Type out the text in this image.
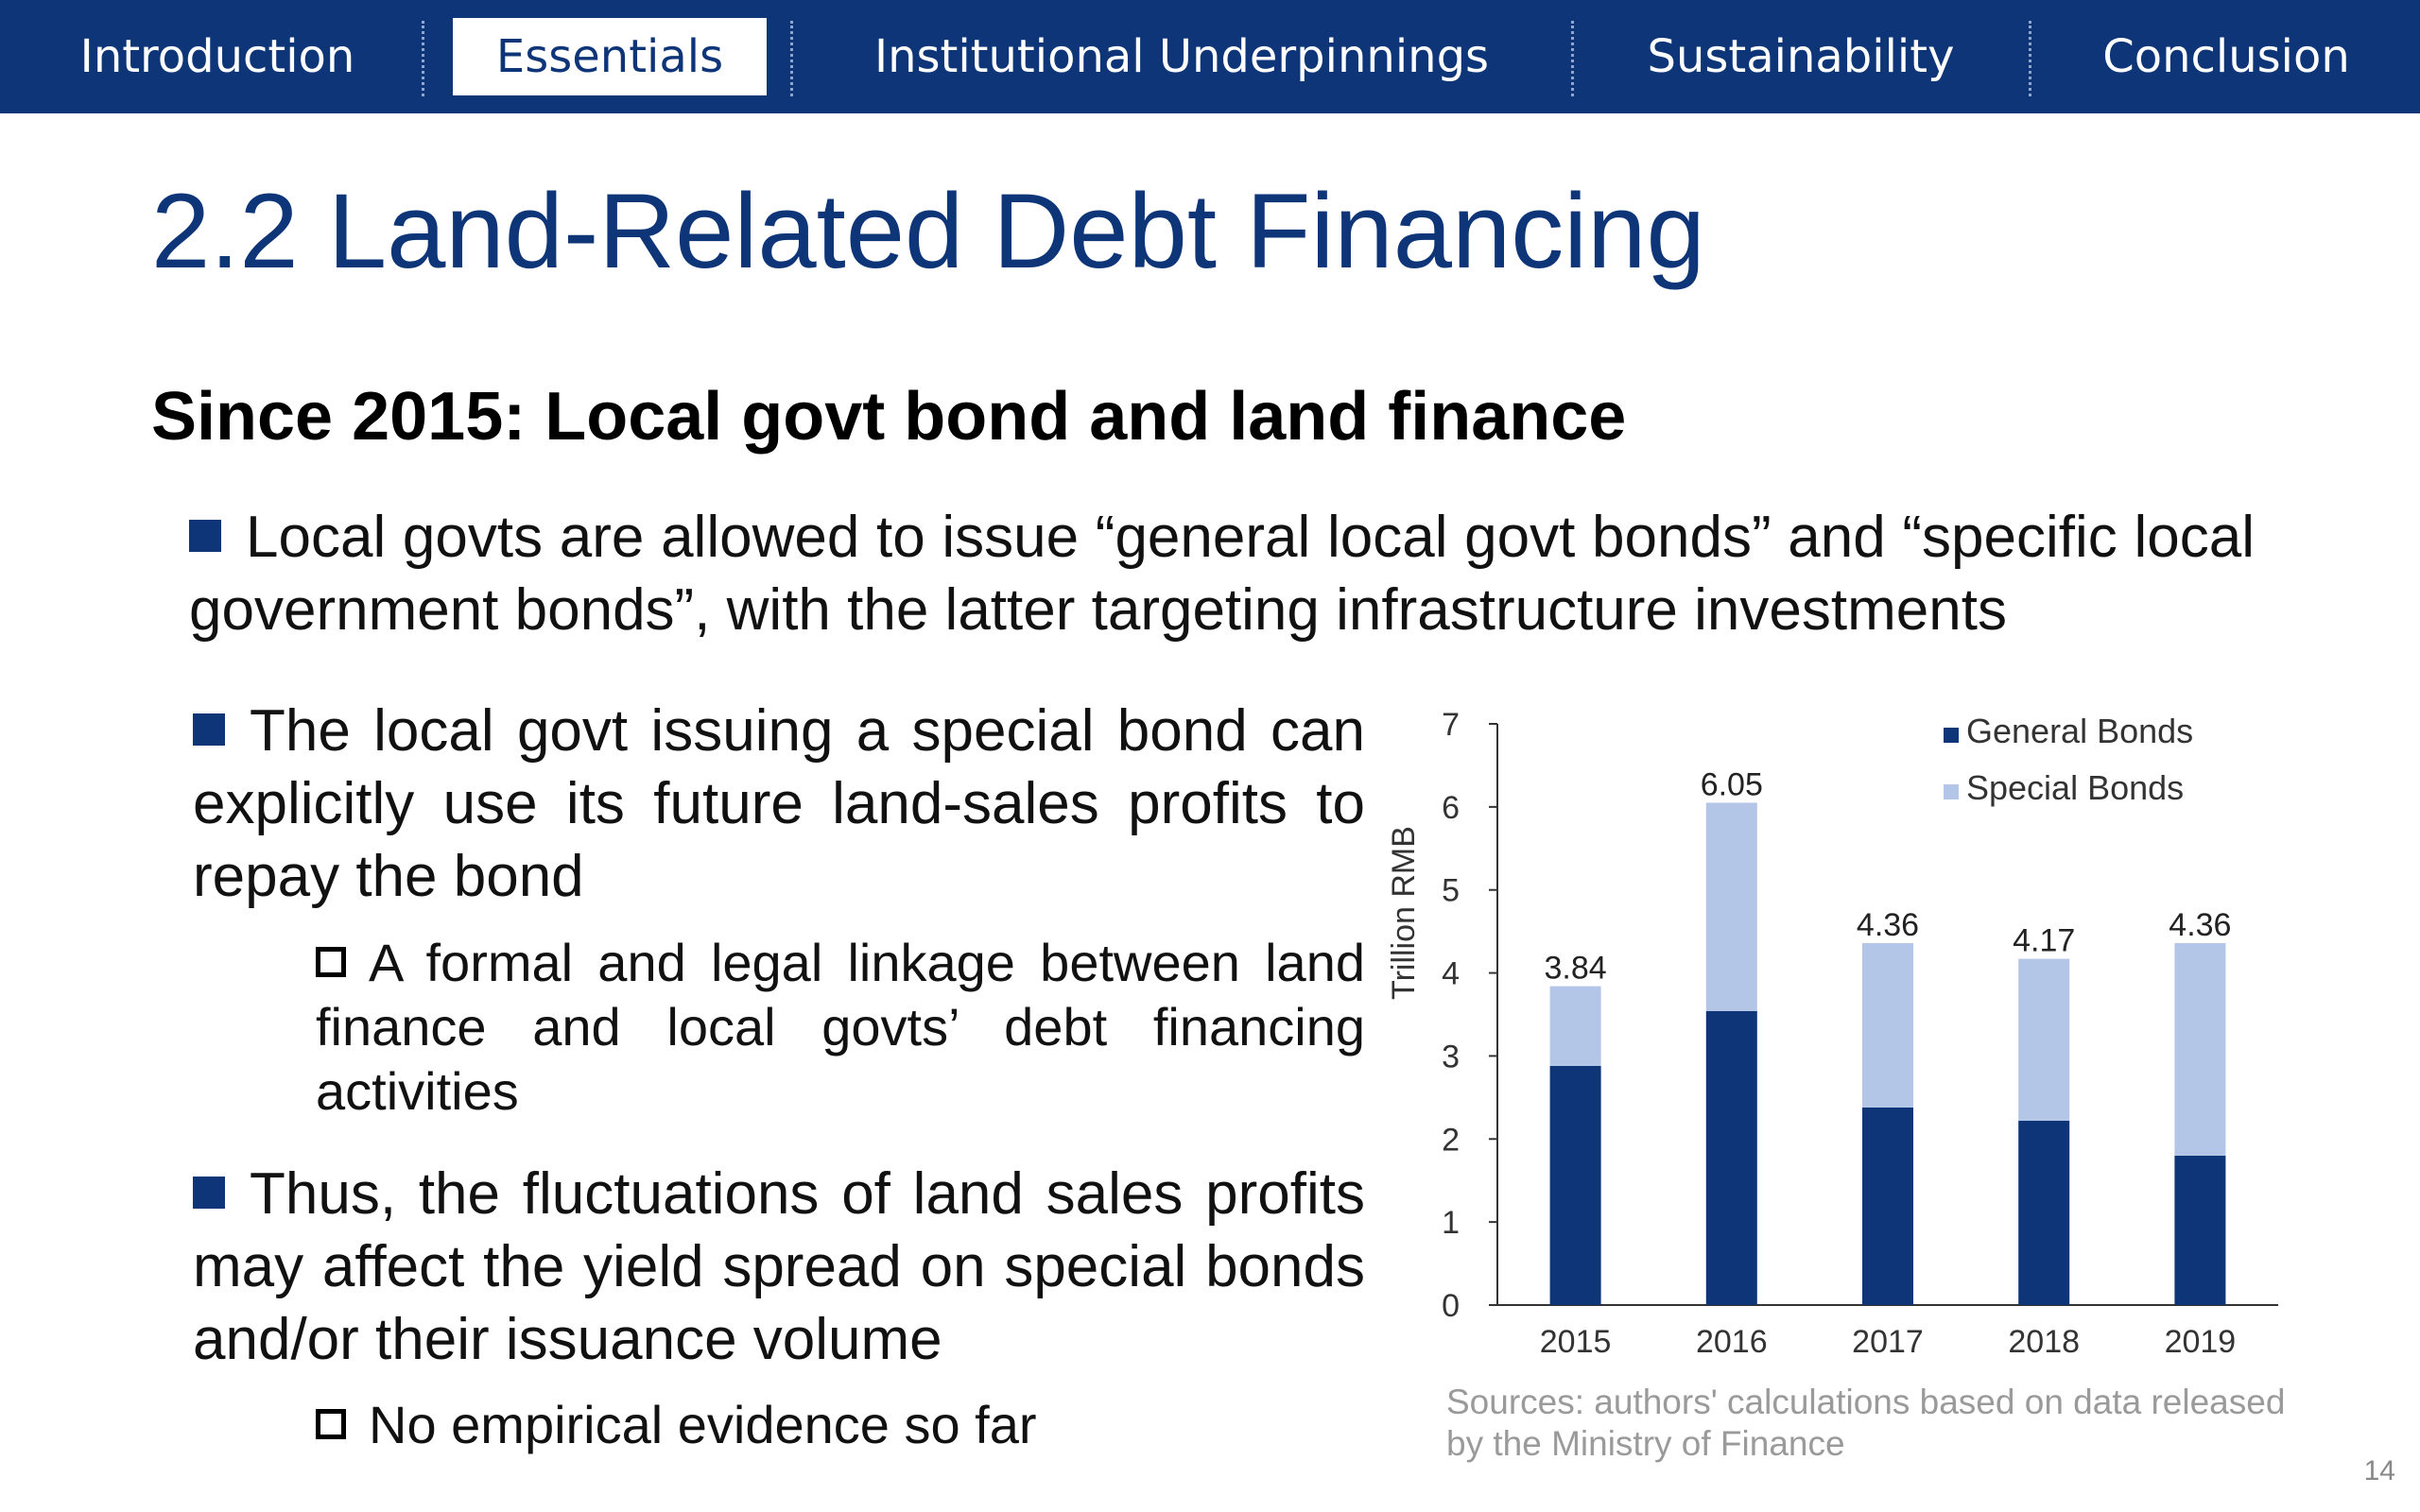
Introduction	Essentials	Institutional Underpinnings	Sustainability	Conclusion
2.2 Land-Related Debt Financing
Since 2015: Local govt bond and land finance
Local govts are allowed to issue “general local govt bonds” and “specific local government bonds”, with the latter targeting infrastructure investments
The local govt issuing a special bond can explicitly use its future land-sales profits to repay the bond
A formal and legal linkage between land finance and local govts’ debt financing activities
Thus, the fluctuations of land sales profits may affect the yield spread on special bonds and/or their issuance volume
No empirical evidence so far
0
1
2
3
4
5
6
7
Trillion RMB	3.84
2015
6.05
2016
4.36
2017
4.17
2018
4.36
2019
General Bonds
Special Bonds
Sources: authors' calculations based on data released by the Ministry of Finance
14
